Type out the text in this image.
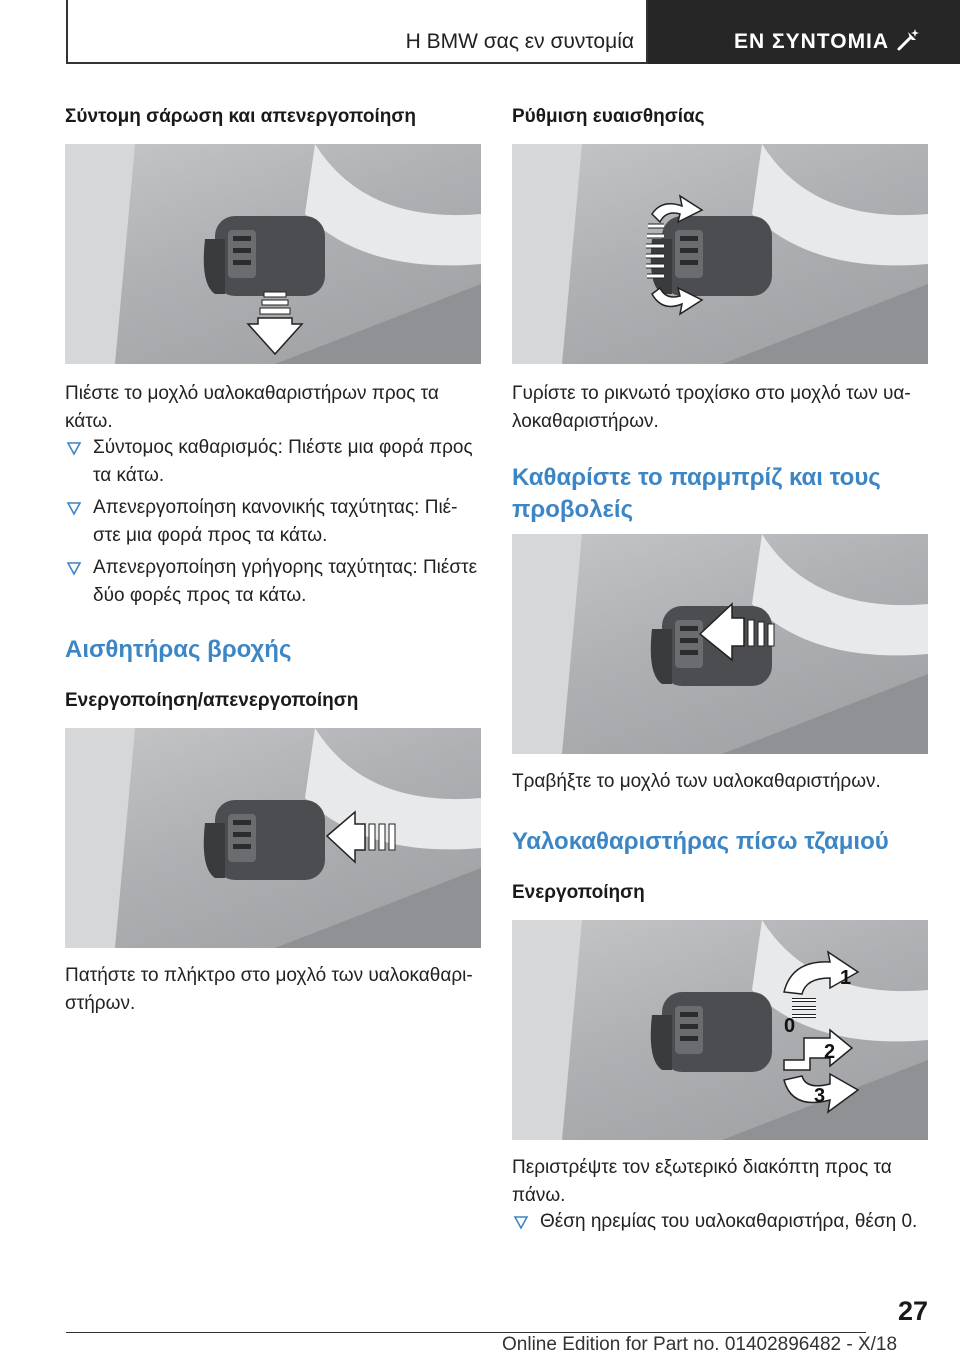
Η BMW σας εν συντομία	ΕΝ ΣΥΝΤΟΜΙΑ
Σύντομη σάρωση και απενεργοποίηση
Πιέστε το μοχλό υαλοκαθαριστήρων προς τα κάτω.
Σύντομος καθαρισμός: Πιέστε μια φορά προς τα κάτω.
Απενεργοποίηση κανονικής ταχύτητας: Πιέ‐ στε μια φορά προς τα κάτω.
Απενεργοποίηση γρήγορης ταχύτητας: Πιέστε δύο φορές προς τα κάτω.
Αισθητήρας βροχής
Ενεργοποίηση/απενεργοποίηση
Πατήστε το πλήκτρο στο μοχλό των υαλοκαθαρι‐ στήρων.
Ρύθμιση ευαισθησίας
Γυρίστε το ρικνωτό τροχίσκο στο μοχλό των υα‐ λοκαθαριστήρων.
Καθαρίστε το παρμπρίζ και τους προβολείς
Τραβήξτε το μοχλό των υαλοκαθαριστήρων.
Υαλοκαθαριστήρας πίσω τζαμιού
Ενεργοποίηση
1
0
2
3
Περιστρέψτε τον εξωτερικό διακόπτη προς τα πάνω.
Θέση ηρεμίας του υαλοκαθαριστήρα, θέση 0.
27
Online Edition for Part no. 01402896482 - X/18
